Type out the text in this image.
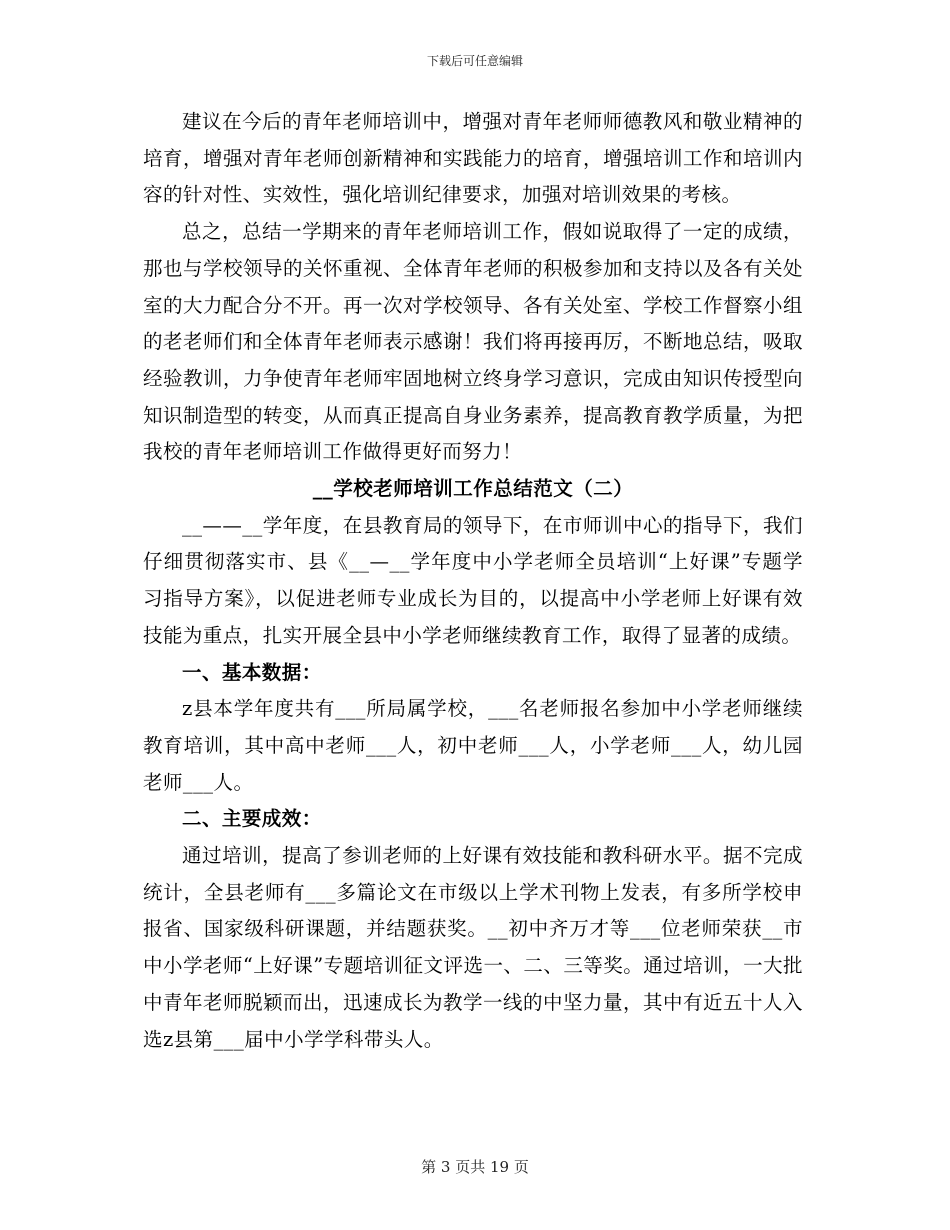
下载后可任意编辑

建议在今后的青年老师培训中，增强对青年老师师德教风和敬业精神的培育，增强对青年老师创新精神和实践能力的培育，增强培训工作和培训内容的针对性、实效性，强化培训纪律要求，加强对培训效果的考核。

总之，总结一学期来的青年老师培训工作，假如说取得了一定的成绩，那也与学校领导的关怀重视、全体青年老师的积极参加和支持以及各有关处室的大力配合分不开。再一次对学校领导、各有关处室、学校工作督察小组的老老师们和全体青年老师表示感谢！我们将再接再厉，不断地总结，吸取经验教训，力争使青年老师牢固地树立终身学习意识，完成由知识传授型向知识制造型的转变，从而真正提高自身业务素养，提高教育教学质量，为把我校的青年老师培训工作做得更好而努力！

__学校老师培训工作总结范文（二）

__——__学年度，在县教育局的领导下，在市师训中心的指导下，我们仔细贯彻落实市、县《__—__学年度中小学老师全员培训“上好课”专题学习指导方案》，以促进老师专业成长为目的，以提高中小学老师上好课有效技能为重点，扎实开展全县中小学老师继续教育工作，取得了显著的成绩。

一、基本数据：

z县本学年度共有___所局属学校，___名老师报名参加中小学老师继续教育培训，其中高中老师___人，初中老师___人，小学老师___人，幼儿园老师___人。

二、主要成效：

通过培训，提高了参训老师的上好课有效技能和教科研水平。据不完成统计，全县老师有___多篇论文在市级以上学术刊物上发表，有多所学校申报省、国家级科研课题，并结题获奖。__初中齐万才等___位老师荣获__市中小学老师“上好课”专题培训征文评选一、二、三等奖。通过培训，一大批中青年老师脱颖而出，迅速成长为教学一线的中坚力量，其中有近五十人入选z县第___届中小学学科带头人。

第 3 页共 19 页
